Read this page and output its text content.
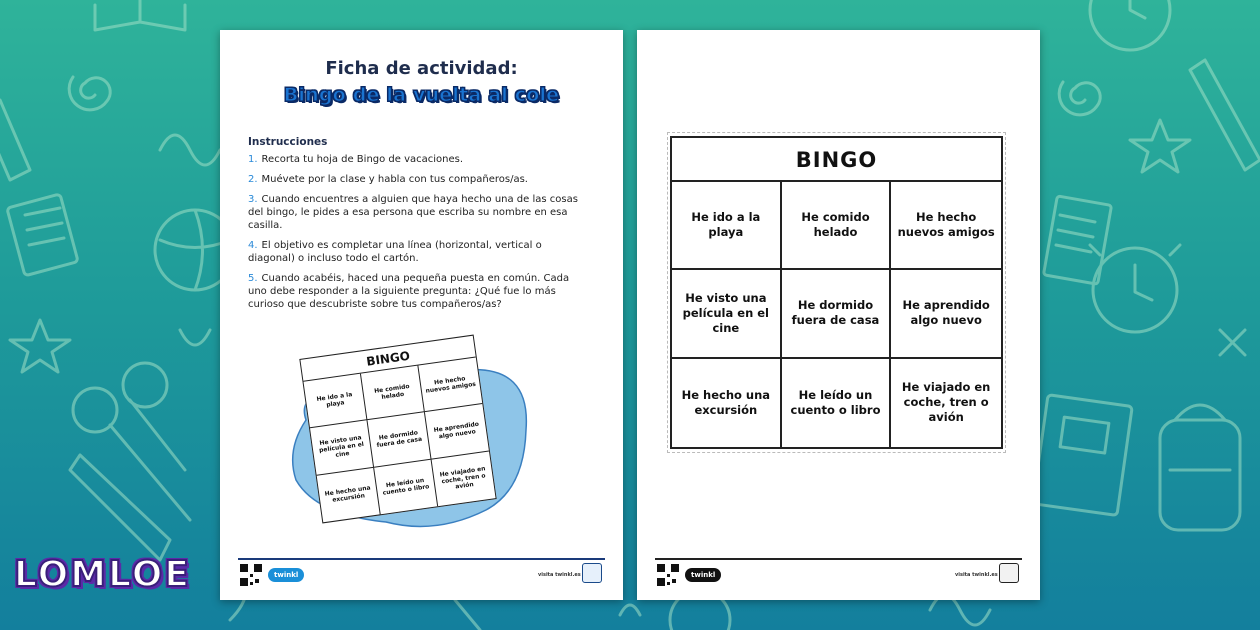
Ficha de actividad:
Bingo de la vuelta al cole
Instrucciones
1. Recorta tu hoja de Bingo de vacaciones.
2. Muévete por la clase y habla con tus compañeros/as.
3. Cuando encuentres a alguien que haya hecho una de las cosas del bingo, le pides a esa persona que escriba su nombre en esa casilla.
4. El objetivo es completar una línea (horizontal, vertical o diagonal) o incluso todo el cartón.
5. Cuando acabéis, haced una pequeña puesta en común. Cada uno debe responder a la siguiente pregunta: ¿Qué fue lo más curioso que descubriste sobre tus compañeros/as?
BINGO
He ido a la playa
He comido helado
He hecho nuevos amigos
He visto una película en el cine
He dormido fuera de casa
He aprendido algo nuevo
He hecho una excursión
He leído un cuento o libro
He viajado en coche, tren o avión
twinkl	visita twinkl.es
BINGO
He ido a la playa
He comido helado
He hecho nuevos amigos
He visto una película en el cine
He dormido fuera de casa
He aprendido algo nuevo
He hecho una excursión
He leído un cuento o libro
He viajado en coche, tren o avión
twinkl	visita twinkl.es
LOMLOE
